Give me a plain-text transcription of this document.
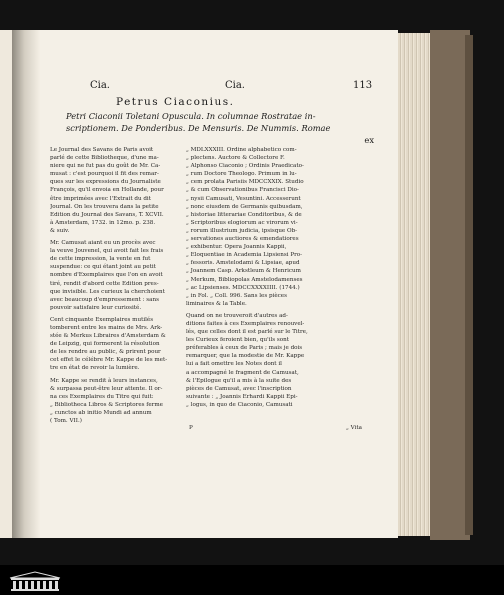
Cia.	Cia.	113
Petrus Ciaconius.
Petri Ciaconii Toletani Opuscula. In columnae Rostratae in-
scriptionem. De Ponderibus. De Mensuris. De Nummis. Romae
ex

Le Journal des Savans de Paris avoit
parlé de cette Bibliotheque, d'une ma-
niere qui ne fut pas du goût de Mr. Ca-
musat : c'est pourquoi il fit des remar-
ques sur les expressions du Journaliste
François, qu'il envoia en Hollande, pour
être imprimées avec l'Extrait du dit
Journal. On les trouvera dans la petite
Edition du Journal des Savans, T. XCVII.
à Amsterdam, 1732. in 12mo. p. 238.
& suiv.

Mr. Camusat aiant eu un procès avec
la veuve Jouvenel, qui avoit fait les frais
de cette impression, la vente en fut
suspendue: ce qui étant joint au petit
nombre d'Exemplaires que l'on en avoit
tiré, rendit d'abord cette Edition pres-
que invisible. Les curieux la cherchoient
avec beaucoup d'empressement : sans
pouvoir satisfaire leur curiosité.

Cent cinquante Exemplaires mutilés
tomberent entre les mains de Mrs. Ark-
stée & Merkus Libraires d'Amsterdam &
de Leipzig, qui formerent la résolution
de les rendre au public, & prirent pour
cet effet le célébre Mr. Kappe de les met-
tre en état de revoir la lumière.

Mr. Kappe se rendit à leurs instances,
& surpassa peut-être leur attente. Il or-
na ces Exemplaires du Titre qui fuit:
„ Bibliotheca Libros & Scriptores ferme
„ cunctos ab initio Mundi ad annum
( Tom. VII.)

„ MDLXXXIII. Ordine alphabetico com-
„ plectens. Auctore & Collectore F.
„ Alphonso Ciaconio ; Ordinis Praedicato-
„ rum Doctore Theologo. Primum in lu-
„ cem prolata Parisiis MDCCXXIX. Studio
„ & cum Observationibus Francisci Dio-
„ nysii Camusati, Vesuntini. Accesserunt
„ nonc eiusdem de Germanis quibusdam,
„ historiae litterariae Conditoribus, & de
„ Scriptoribus elogiorum ac virorum vi-
„ rorum illustrium judicia, ipsisque Ob-
„ servationes auctiores & emendatiores
„ exhibentur. Opera Joannis Kappii,
„ Eloquentiae in Academia Lipsiensi Pro-
„ fessoris. Amstelodami & Lipsiae, apud
„ Joannem Casp. Arkstleum & Henricum
„ Merkum, Bibliopolas Amstelodamenses
„ ac Lipsienses. MDCCXXXXIIII. (1744.)
„ in Fol. „ Coll. 996. Sans les pièces
liminaires & la Table.

Quand on ne trouveroit d'autres ad-
ditions faites à ces Exemplaires renouvel-
lés, que celles dont il est parlé sur le Titre,
les Curieux feroient bien, qu'ils sont
préferables à ceux de Paris ; mais je dois
remarquer, que la modestie de Mr. Kappe
lui a fait omettre les Notes dont il
a accompagné le fragment de Camusat,
& l'Epilogue qu'il a mis à la suite des
pièces de Camusat, avec l'inscription
suivante : „ Joannis Erhardi Kappii Epi-
„ logus, in quo de Ciaconio, Camusati

P	„ Vita
